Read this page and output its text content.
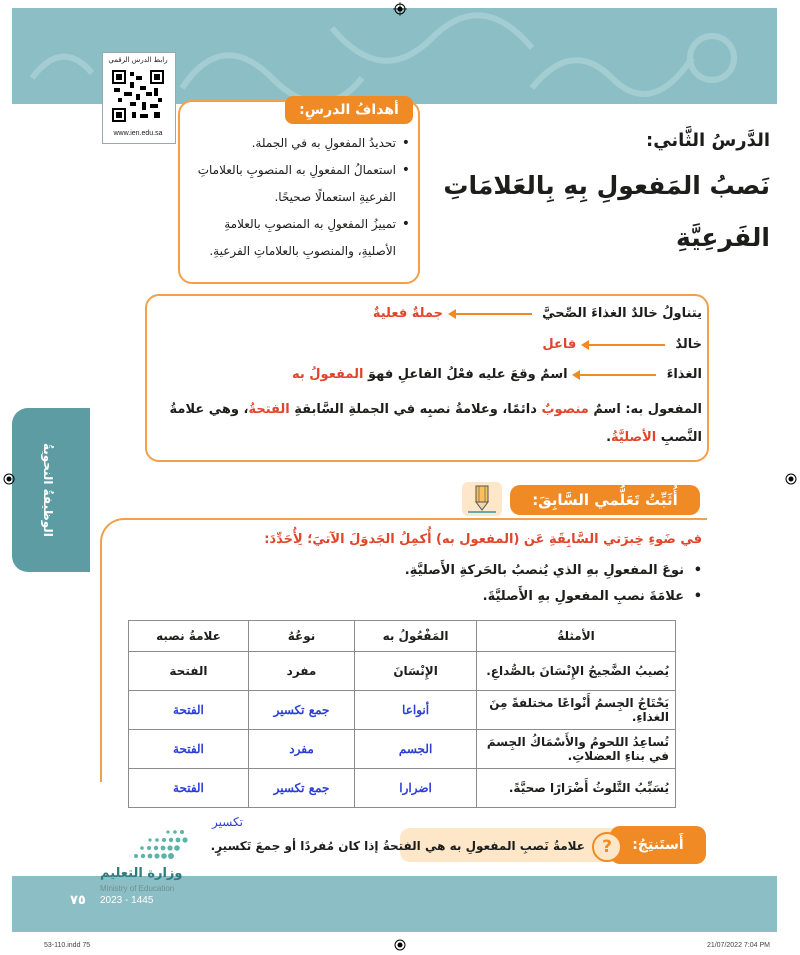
رابط الدرس الرقمي
www.ien.edu.sa
أهدافُ الدرسِ:
• تحديدُ المفعولِ به في الجملة.
• استعمالُ المفعولِ به المنصوبِ بالعلاماتِ الفرعيةِ استعمالًا صحيحًا.
• تمييزُ المفعولِ به المنصوبِ بالعلامةِ الأصليةِ، والمنصوبِ بالعلاماتِ الفرعيةِ.
الدَّرسُ الثَّاني:
نَصبُ المَفعولِ بِهِ بِالعَلامَاتِ الفَرعِيَّةِ
يتناولُ خالدٌ الغذاءَ الصِّحيَّ  جملةٌ فعليةٌ
خالدٌ  فاعل
الغذاءَ  اسمٌ وقعَ عليه فعْلُ الفاعلِ فهوَ المفعولُ به
المفعول به: اسمٌ منصوبٌ دائمًا، وعلامةُ نصبِه في الجملةِ السَّابقةِ الفتحةُ، وهي علامةُ النَّصبِ الأصليَّةُ.
الوظيفةُ النحويةُ	أُثَبِّتُ تَعَلُّمي السَّابِقَ:
في ضَوءِ خِبرَتي السَّابِقَةِ عَن (المفعول به) أُكمِلُ الجَدوَلَ الآتيَ؛ لِأُحَدِّدَ:
• نوعَ المفعولِ بهِ الذي يُنصبُ بالحَركةِ الأَصليَّةِ.
• علامَةَ نصبِ المفعولِ بهِ الأَصليَّةَ.
الأمثلةُ	المَفْعُولُ به	نوعُهُ	علامةُ نصبه
يُصيبُ الضَّجيجُ الإِنْسَانَ بالصُّداعِ.	الإِنْسَانَ	مفرد	الفتحة
يَحْتَاجُ الجِسمُ أَنْواعًا مختلفةً مِنَ الغذاءِ.	أنواعا	جمع تكسير	الفتحة
تُساعِدُ اللحومُ والأَسْمَاكُ الجِسمَ في بناءِ العضلاتِ.	الجسم	مفرد	الفتحة
يُسَبِّبُ التَّلوثُ أَضْرَارًا صحيَّةً.	اضرارا	جمع تكسير	الفتحة
تكسير
أَستَنتِجُ:
?
علامةُ نَصبِ المفعولِ به هي الفتحةُ إذا كان مُفردًا أو جمعَ تَكسيرٍ.
وزارة التعليم
Ministry of Education
2023 - 1445
٧٥
53-110.indd 75	21/07/2022 7:04 PM
